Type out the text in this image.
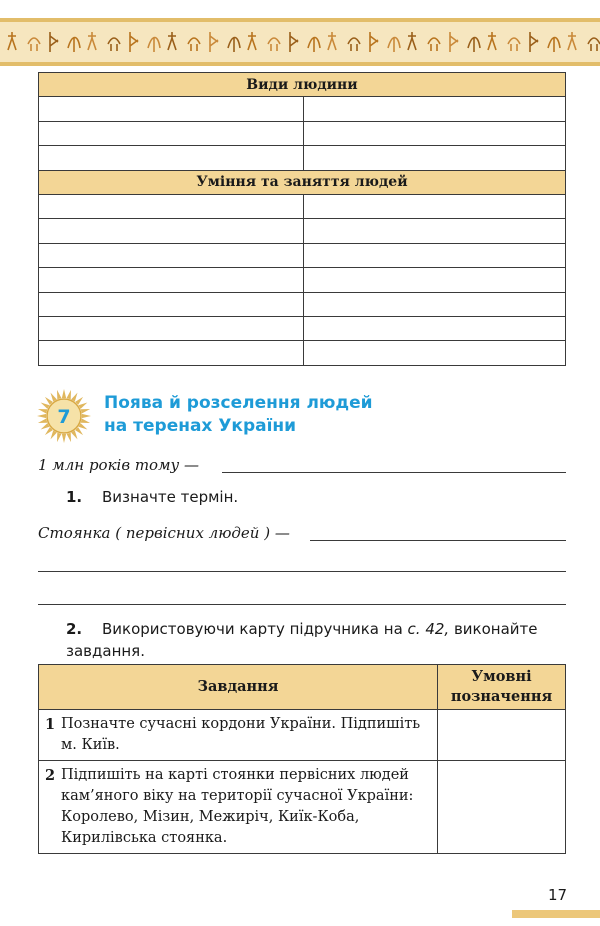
Види людини	

Уміння та заняття людей	

7
Поява й розселення людей
на теренах України
1 млн років тому —
1. Визначте термін.
Стоянка ( первісних людей ) —
2. Використовуючи карту підручника на с. 42, виконайте завдання.
Завдання	Умовні позначення

1 Позначте сучасні кордони України. Підпишіть м. Київ.	

2 Підпишіть на карті стоянки первісних людей кам’яного віку на території сучасної України: Королево, Мізин, Межиріч, Киїк-Коба, Кирилівська стоянка.	

17
